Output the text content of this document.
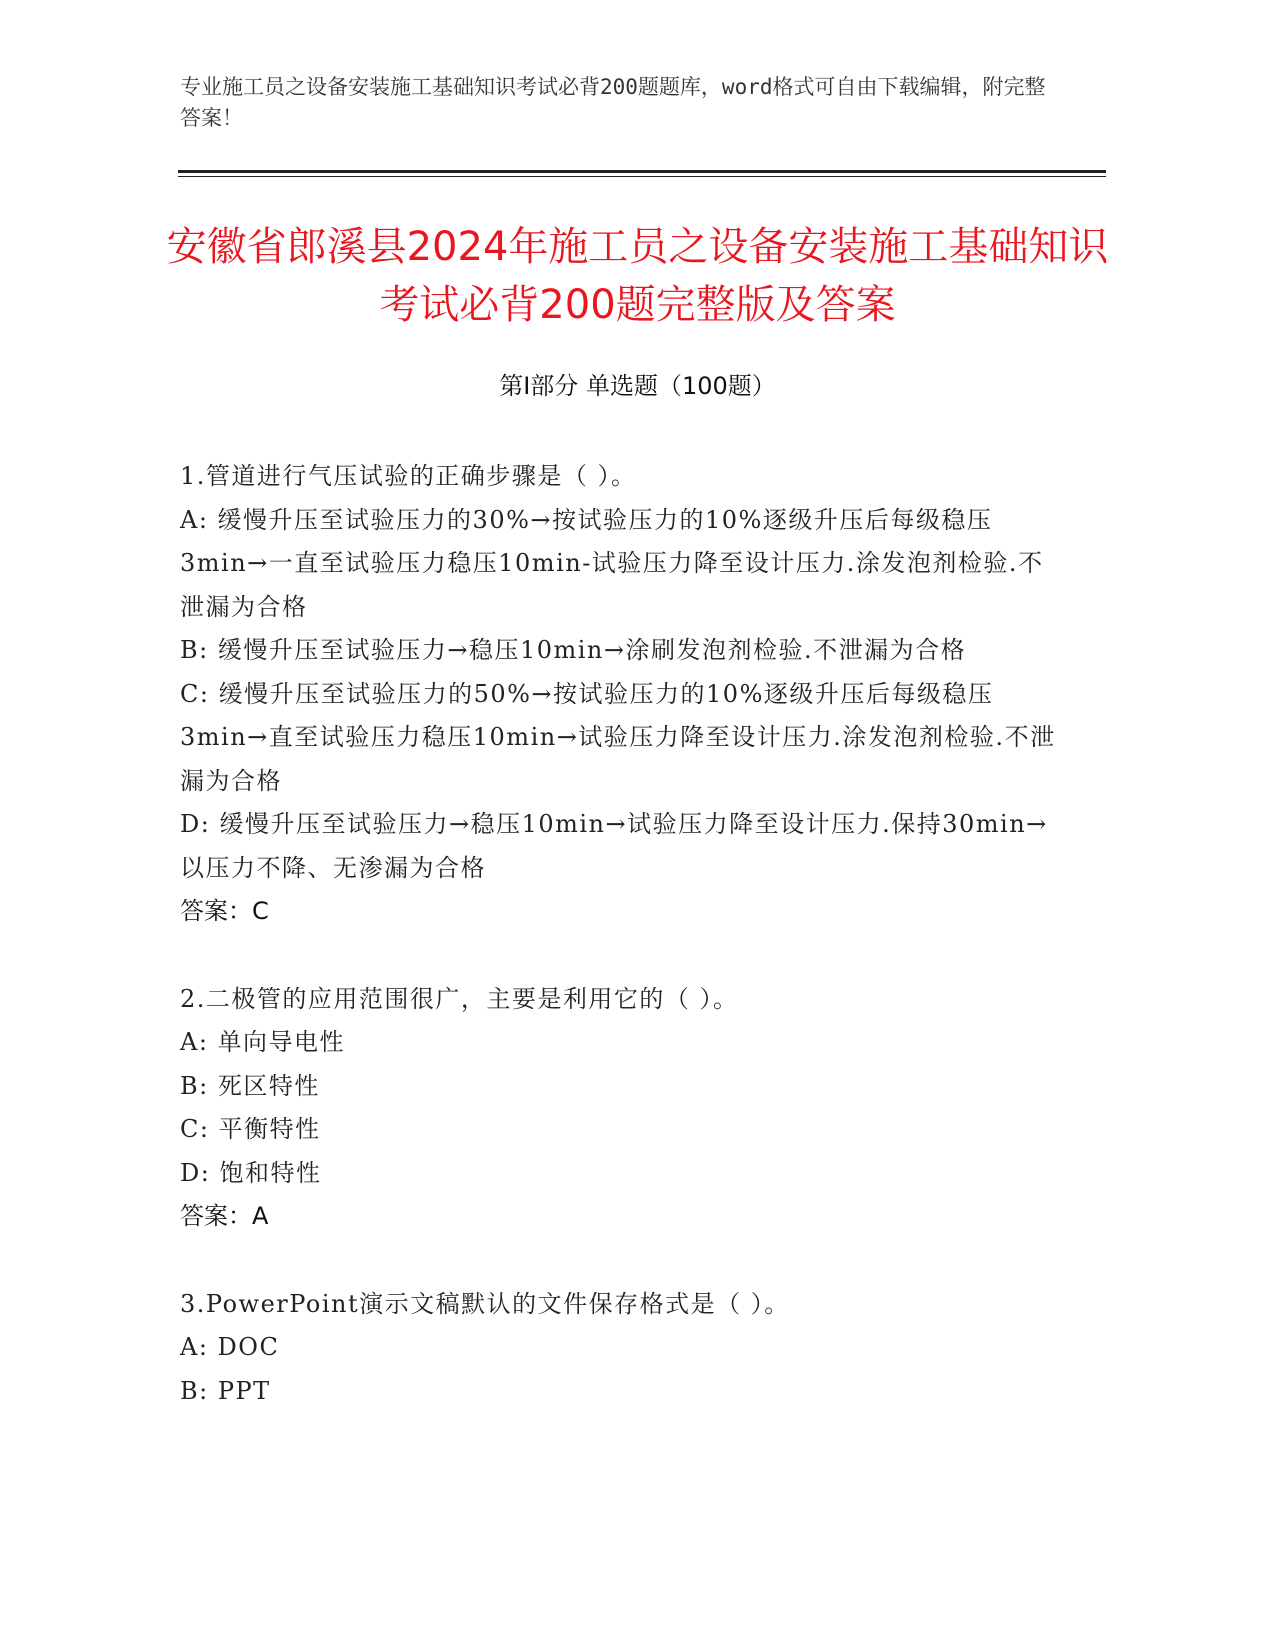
专业施工员之设备安装施工基础知识考试必背200题题库，word格式可自由下载编辑，附完整答案！
安徽省郎溪县2024年施工员之设备安装施工基础知识考试必背200题完整版及答案
第Ⅰ部分 单选题（100题）

1.管道进行气压试验的正确步骤是（ ）。

A: 缓慢升压至试验压力的30%→按试验压力的10%逐级升压后每级稳压3min→一直至试验压力稳压10min-试验压力降至设计压力.涂发泡剂检验.不泄漏为合格

B: 缓慢升压至试验压力→稳压10min→涂刷发泡剂检验.不泄漏为合格

C: 缓慢升压至试验压力的50%→按试验压力的10%逐级升压后每级稳压3min→直至试验压力稳压10min→试验压力降至设计压力.涂发泡剂检验.不泄漏为合格

D: 缓慢升压至试验压力→稳压10min→试验压力降至设计压力.保持30min→以压力不降、无渗漏为合格

答案：C

2.二极管的应用范围很广，主要是利用它的（ ）。

A: 单向导电性

B: 死区特性

C: 平衡特性

D: 饱和特性

答案：A

3.PowerPoint演示文稿默认的文件保存格式是（ ）。

A: DOC

B: PPT
